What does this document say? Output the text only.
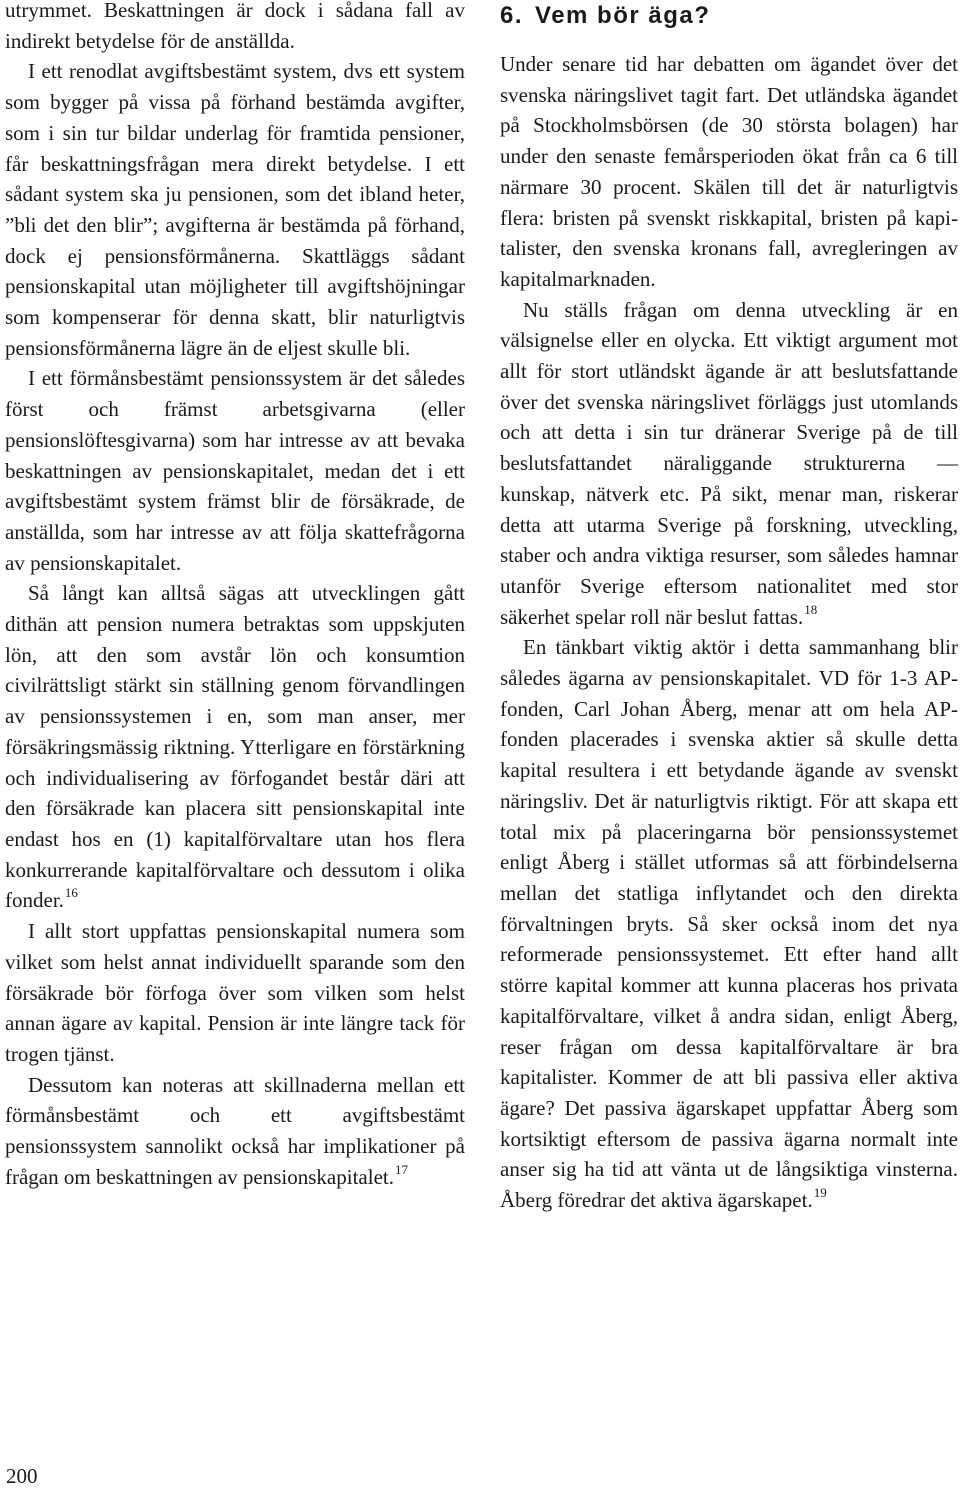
utrymmet. Beskattningen är dock i sådana fall av indirekt betydelse för de anställda.

I ett renodlat avgiftsbestämt system, dvs ett system som bygger på vissa på förhand bestämda avgifter, som i sin tur bildar underlag för framtida pensioner, får beskattningsfrågan mera direkt betydelse. I ett sådant system ska ju pensionen, som det ibland heter, ”bli det den blir”; avgifterna är bestämda på förhand, dock ej pensionsförmånerna. Skattläggs sådant pensionskapital utan möjligheter till avgiftshöjningar som kompenserar för denna skatt, blir naturligtvis pensionsförmånerna lägre än de eljest skulle bli.

I ett förmånsbestämt pensionssystem är det således först och främst arbetsgivarna (eller pensionslöftesgivarna) som har intresse av att bevaka beskattningen av pensionskapitalet, medan det i ett avgiftsbestämt system främst blir de försäkrade, de anställda, som har intresse av att följa skattefrågorna av pensionskapitalet.

Så långt kan alltså sägas att utvecklingen gått dithän att pension numera betraktas som uppskjuten lön, att den som avstår lön och konsumtion civilrättsligt stärkt sin ställning genom förvandlingen av pensionssystemen i en, som man anser, mer försäkringsmässig riktning. Ytterligare en förstärkning och individualisering av förfogandet består däri att den försäkrade kan placera sitt pensionskapital inte endast hos en (1) kapitalförvaltare utan hos flera konkurrerande kapitalförvaltare och dessutom i olika fonder.$^{16}$

I allt stort uppfattas pensionskapital numera som vilket som helst annat individuellt sparande som den försäkrade bör förfoga över som vilken som helst annan ägare av kapital. Pension är inte längre tack för trogen tjänst.

Dessutom kan noteras att skillnaderna mellan ett förmånsbestämt och ett avgiftsbestämt pensionssystem sannolikt också har implikationer på frågan om beskattningen av pensionskapitalet.$^{17}$

6. Vem bör äga?

Under senare tid har debatten om ägandet över det svenska näringslivet tagit fart. Det utländska ägandet på Stockholmsbörsen (de 30 största bolagen) har under den senaste femårsperioden ökat från ca 6 till närmare 30 procent. Skälen till det är naturligtvis flera: bristen på svenskt riskkapital, bristen på kapitalister, den svenska kronans fall, avregleringen av kapitalmarknaden.

Nu ställs frågan om denna utveckling är en välsignelse eller en olycka. Ett viktigt argument mot allt för stort utländskt ägande är att beslutsfattande över det svenska näringslivet förläggs just utomlands och att detta i sin tur dränerar Sverige på de till beslutsfattandet näraliggande strukturerna — kunskap, nätverk etc. På sikt, menar man, riskerar detta att utarma Sverige på forskning, utveckling, staber och andra viktiga resurser, som således hamnar utanför Sverige eftersom nationalitet med stor säkerhet spelar roll när beslut fattas.$^{18}$

En tänkbart viktig aktör i detta sammanhang blir således ägarna av pensionskapitalet. VD för 1-3 AP-fonden, Carl Johan Åberg, menar att om hela AP-fonden placerades i svenska aktier så skulle detta kapital resultera i ett betydande ägande av svenskt näringsliv. Det är naturligtvis riktigt. För att skapa ett total mix på placeringarna bör pensionssystemet enligt Åberg i stället utformas så att förbindelserna mellan det statliga inflytandet och den direkta förvaltningen bryts. Så sker också inom det nya reformerade pensionssystemet. Ett efter hand allt större kapital kommer att kunna placeras hos privata kapitalförvaltare, vilket å andra sidan, enligt Åberg, reser frågan om dessa kapitalförvaltare är bra kapitalister. Kommer de att bli passiva eller aktiva ägare? Det passiva ägarskapet uppfattar Åberg som kortsiktigt eftersom de passiva ägarna normalt inte anser sig ha tid att vänta ut de långsiktiga vinsterna. Åberg föredrar det aktiva ägarskapet.$^{19}$

200
